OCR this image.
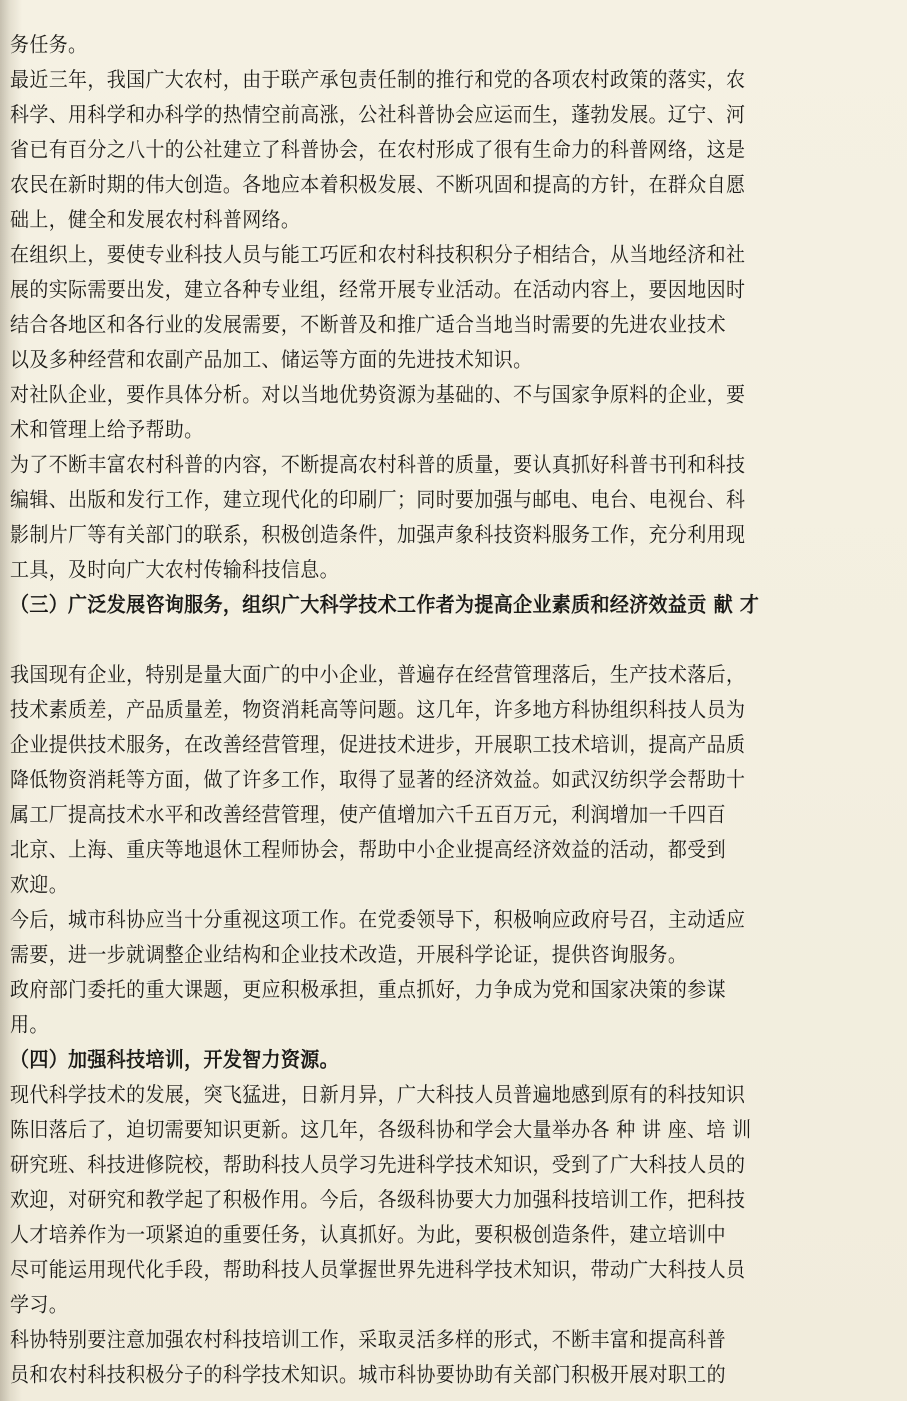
务任务。
最近三年，我国广大农村，由于联产承包责任制的推行和党的各项农村政策的落实，农
科学、用科学和办科学的热情空前高涨，公社科普协会应运而生，蓬勃发展。辽宁、河
省已有百分之八十的公社建立了科普协会，在农村形成了很有生命力的科普网络，这是
农民在新时期的伟大创造。各地应本着积极发展、不断巩固和提高的方针，在群众自愿
础上，健全和发展农村科普网络。
在组织上，要使专业科技人员与能工巧匠和农村科技积积分子相结合，从当地经济和社
展的实际需要出发，建立各种专业组，经常开展专业活动。在活动内容上，要因地因时
结合各地区和各行业的发展需要，不断普及和推广适合当地当时需要的先进农业技术
以及多种经营和农副产品加工、储运等方面的先进技术知识。
对社队企业，要作具体分析。对以当地优势资源为基础的、不与国家争原料的企业，要
术和管理上给予帮助。
为了不断丰富农村科普的内容，不断提高农村科普的质量，要认真抓好科普书刊和科技
编辑、出版和发行工作，建立现代化的印刷厂；同时要加强与邮电、电台、电视台、科
影制片厂等有关部门的联系，积极创造条件，加强声象科技资料服务工作，充分利用现
工具，及时向广大农村传输科技信息。
（三）广泛发展咨询服务，组织广大科学技术工作者为提高企业素质和经济效益贡 献 才
我国现有企业，特别是量大面广的中小企业，普遍存在经营管理落后，生产技术落后，
技术素质差，产品质量差，物资消耗高等问题。这几年，许多地方科协组织科技人员为
企业提供技术服务，在改善经营管理，促进技术进步，开展职工技术培训，提高产品质
降低物资消耗等方面，做了许多工作，取得了显著的经济效益。如武汉纺织学会帮助十
属工厂提高技术水平和改善经营管理，使产值增加六千五百万元，利润增加一千四百
北京、上海、重庆等地退休工程师协会，帮助中小企业提高经济效益的活动，都受到
欢迎。
今后，城市科协应当十分重视这项工作。在党委领导下，积极响应政府号召，主动适应
需要，进一步就调整企业结构和企业技术改造，开展科学论证，提供咨询服务。
政府部门委托的重大课题，更应积极承担，重点抓好，力争成为党和国家决策的参谋
用。
（四）加强科技培训，开发智力资源。
现代科学技术的发展，突飞猛进，日新月异，广大科技人员普遍地感到原有的科技知识
陈旧落后了，迫切需要知识更新。这几年，各级科协和学会大量举办各 种 讲 座、培 训
研究班、科技进修院校，帮助科技人员学习先进科学技术知识，受到了广大科技人员的
欢迎，对研究和教学起了积极作用。今后，各级科协要大力加强科技培训工作，把科技
人才培养作为一项紧迫的重要任务，认真抓好。为此，要积极创造条件，建立培训中
尽可能运用现代化手段，帮助科技人员掌握世界先进科学技术知识，带动广大科技人员
学习。
科协特别要注意加强农村科技培训工作，采取灵活多样的形式，不断丰富和提高科普
员和农村科技积极分子的科学技术知识。城市科协要协助有关部门积极开展对职工的
